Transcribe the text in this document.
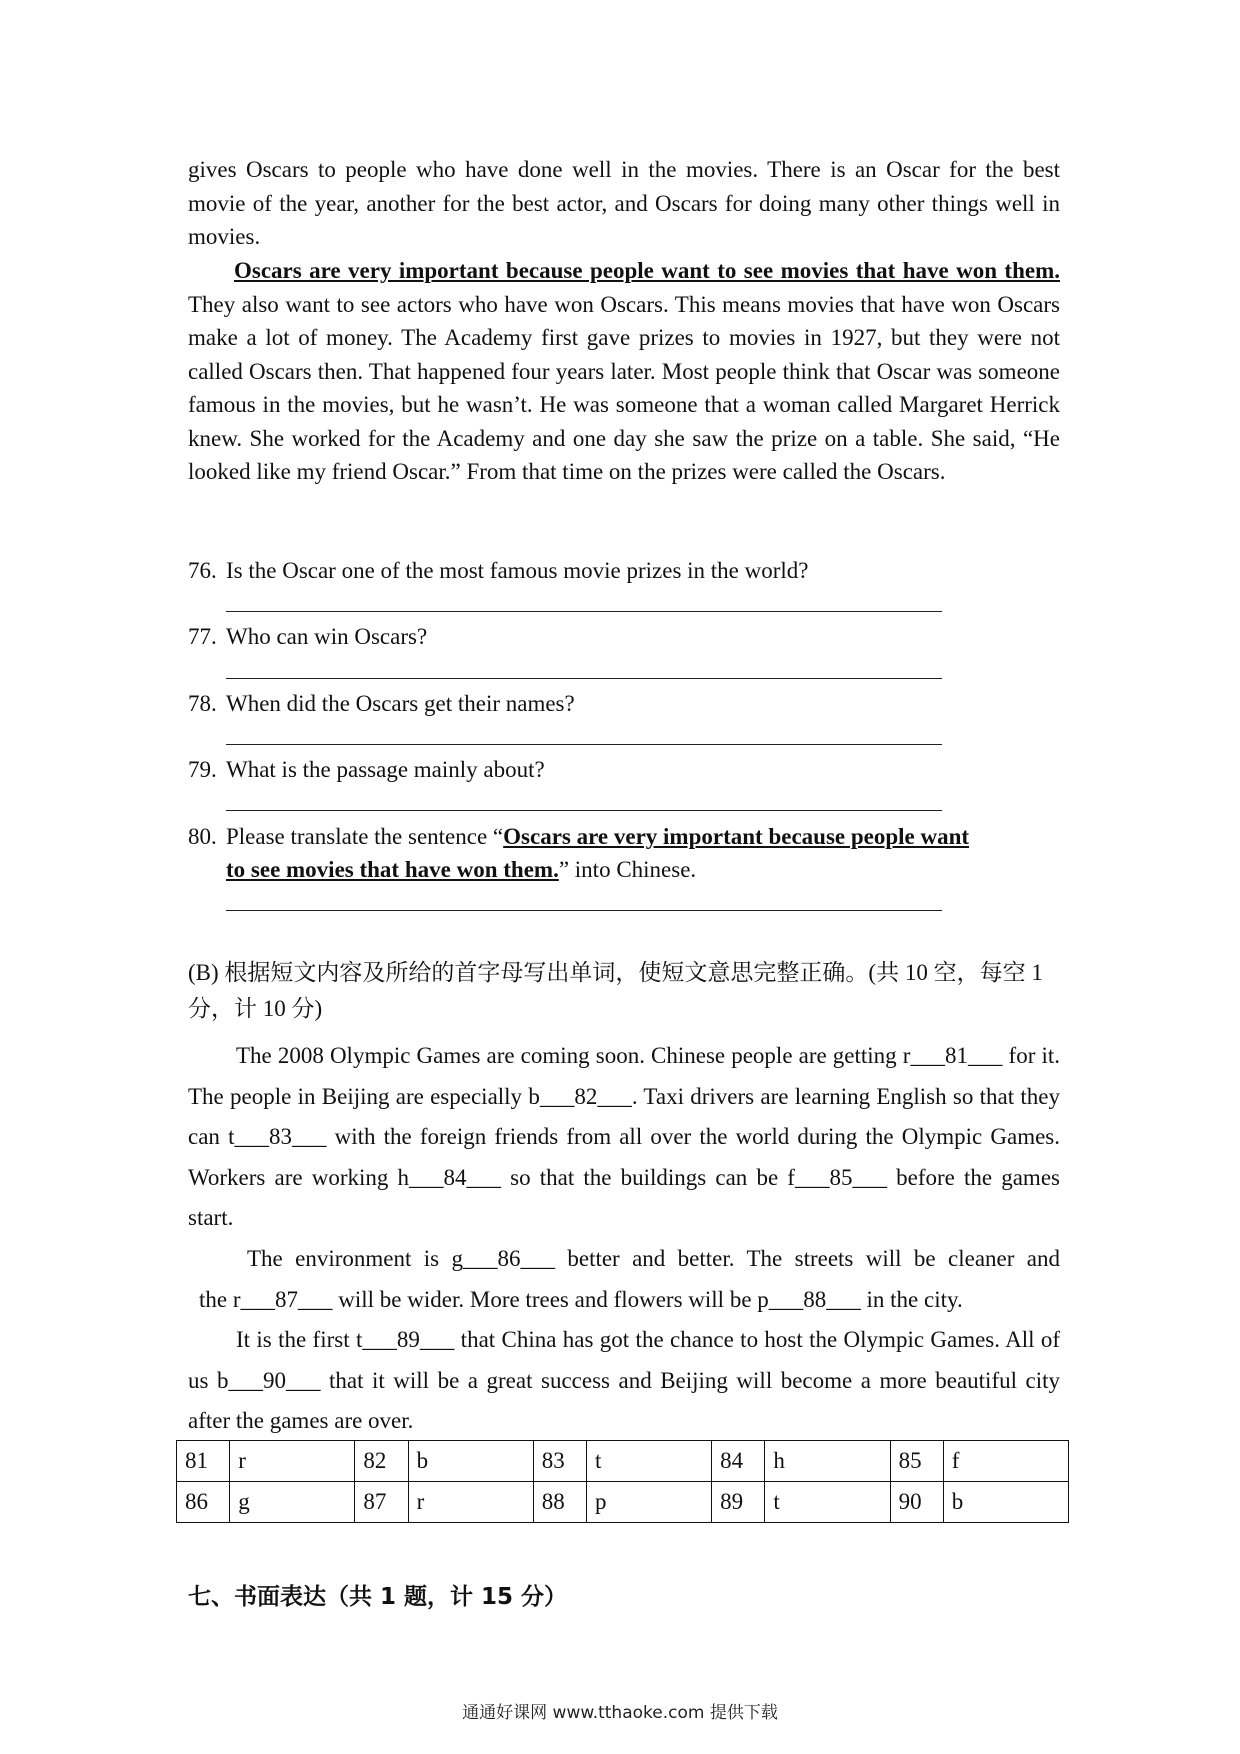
gives Oscars to people who have done well in the movies. There is an Oscar for the best movie of the year, another for the best actor, and Oscars for doing many other things well in movies.
Oscars are very important because people want to see movies that have won them. They also want to see actors who have won Oscars. This means movies that have won Oscars make a lot of money. The Academy first gave prizes to movies in 1927, but they were not called Oscars then. That happened four years later. Most people think that Oscar was someone famous in the movies, but he wasn’t. He was someone that a woman called Margaret Herrick knew. She worked for the Academy and one day she saw the prize on a table. She said, “He looked like my friend Oscar.” From that time on the prizes were called the Oscars.
76. Is the Oscar one of the most famous movie prizes in the world?
77. Who can win Oscars?
78. When did the Oscars get their names?
79. What is the passage mainly about?
80. Please translate the sentence “Oscars are very important because people want
to see movies that have won them.” into Chinese.
(B) 根据短文内容及所给的首字母写出单词，使短文意思完整正确。(共 10 空，每空 1 分，计 10 分)
The 2008 Olympic Games are coming soon. Chinese people are getting r___81___ for it. The people in Beijing are especially b___82___. Taxi drivers are learning English so that they can t___83___ with the foreign friends from all over the world during the Olympic Games. Workers are working h___84___ so that the buildings can be f___85___ before the games start.
The environment is g___86___ better and better. The streets will be cleaner and
the r___87___ will be wider. More trees and flowers will be p___88___ in the city.
It is the first t___89___ that China has got the chance to host the Olympic Games. All of us b___90___ that it will be a great success and Beijing will become a more beautiful city after the games are over.
81	r	82	b	83	t	84	h	85	f
86	g	87	r	88	p	89	t	90	b
七、书面表达（共 1 题，计 15 分）
通通好课网 www.tthaoke.com 提供下载
